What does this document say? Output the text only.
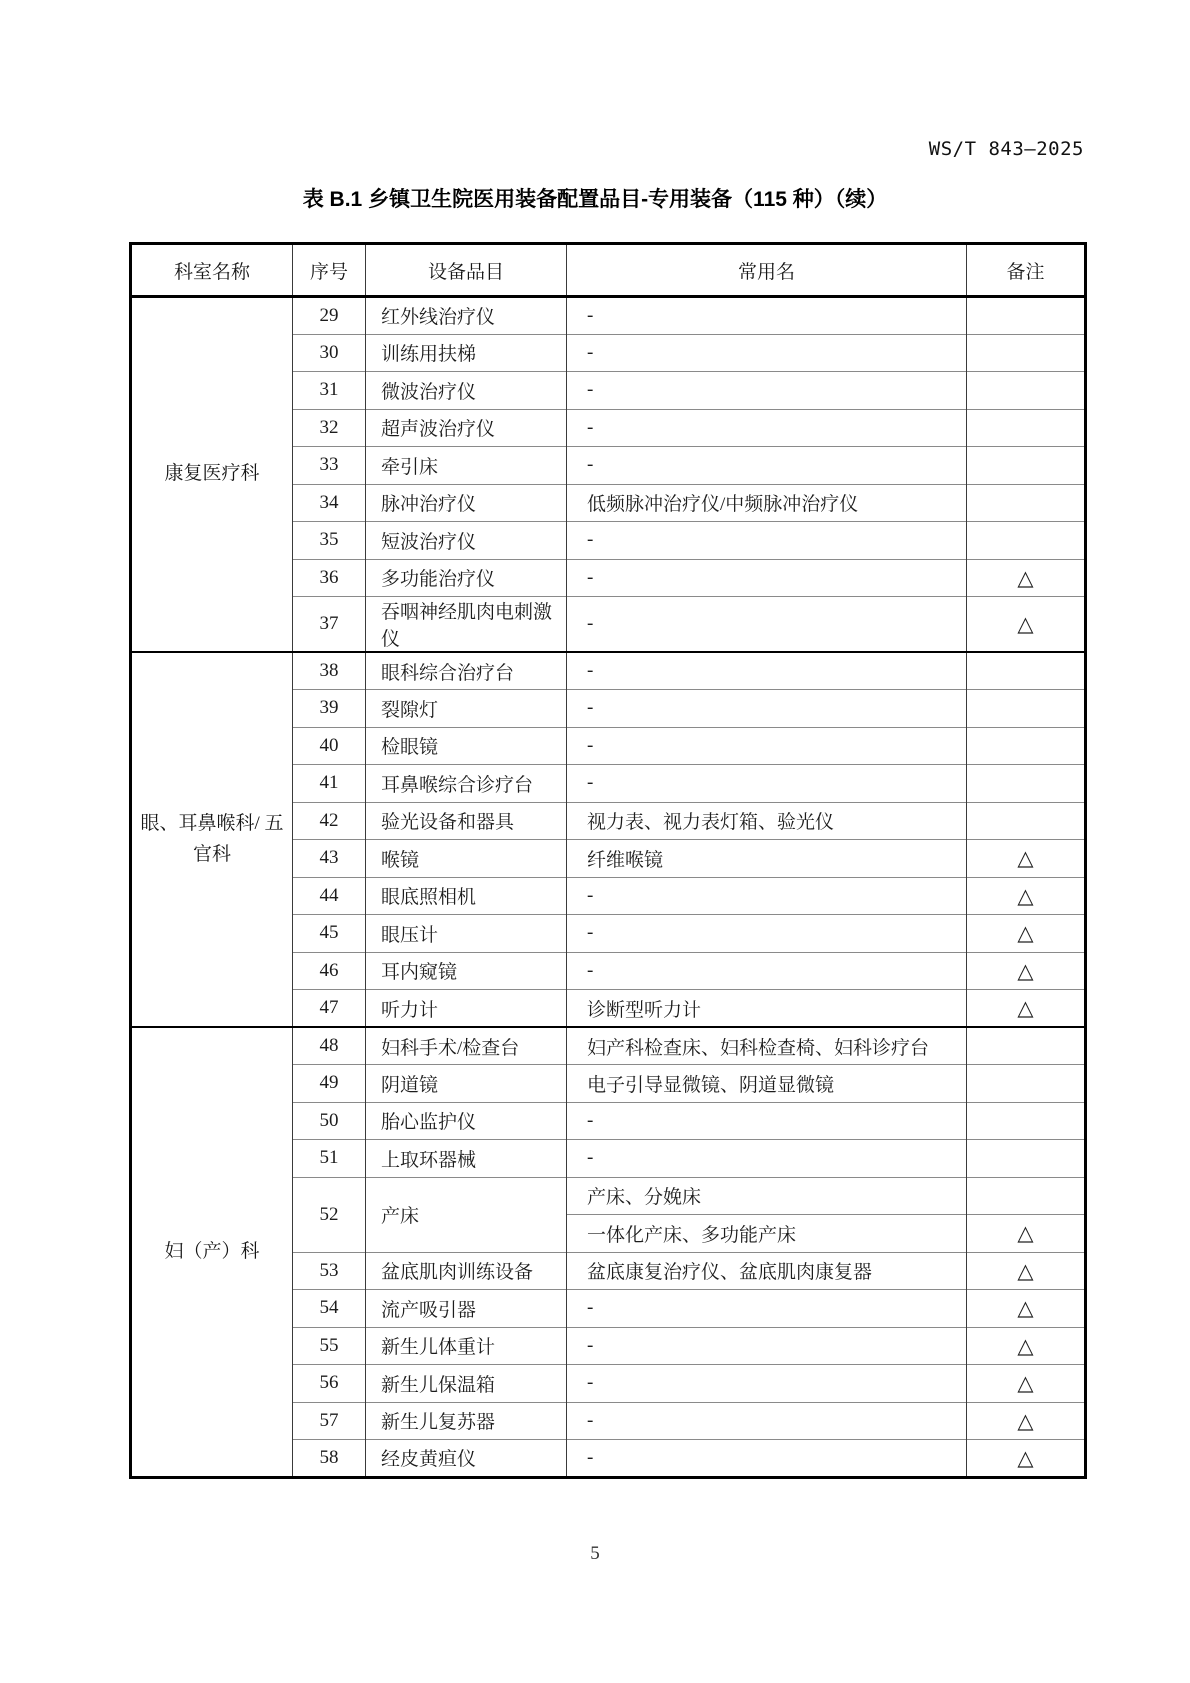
WS/T 843—2025
表 B.1 乡镇卫生院医用装备配置品目-专用装备（115 种）（续）
科室名称	序号	设备品目	常用名	备注
康复医疗科	29	红外线治疗仪	-	
	30	训练用扶梯	-	
	31	微波治疗仪	-	
	32	超声波治疗仪	-	
	33	牵引床	-	
	34	脉冲治疗仪	低频脉冲治疗仪/中频脉冲治疗仪	
	35	短波治疗仪	-	
	36	多功能治疗仪	-	△
	37	吞咽神经肌肉电刺激仪	-	△
眼、耳鼻喉科/ 五官科	38	眼科综合治疗台	-	
	39	裂隙灯	-	
	40	检眼镜	-	
	41	耳鼻喉综合诊疗台	-	
	42	验光设备和器具	视力表、视力表灯箱、验光仪	
	43	喉镜	纤维喉镜	△
	44	眼底照相机	-	△
	45	眼压计	-	△
	46	耳内窥镜	-	△
	47	听力计	诊断型听力计	△
妇（产）科	48	妇科手术/检查台	妇产科检查床、妇科检查椅、妇科诊疗台	
	49	阴道镜	电子引导显微镜、阴道显微镜	
	50	胎心监护仪	-	
	51	上取环器械	-	
	52	产床	产床、分娩床	
			一体化产床、多功能产床	△
	53	盆底肌肉训练设备	盆底康复治疗仪、盆底肌肉康复器	△
	54	流产吸引器	-	△
	55	新生儿体重计	-	△
	56	新生儿保温箱	-	△
	57	新生儿复苏器	-	△
	58	经皮黄疸仪	-	△
5
